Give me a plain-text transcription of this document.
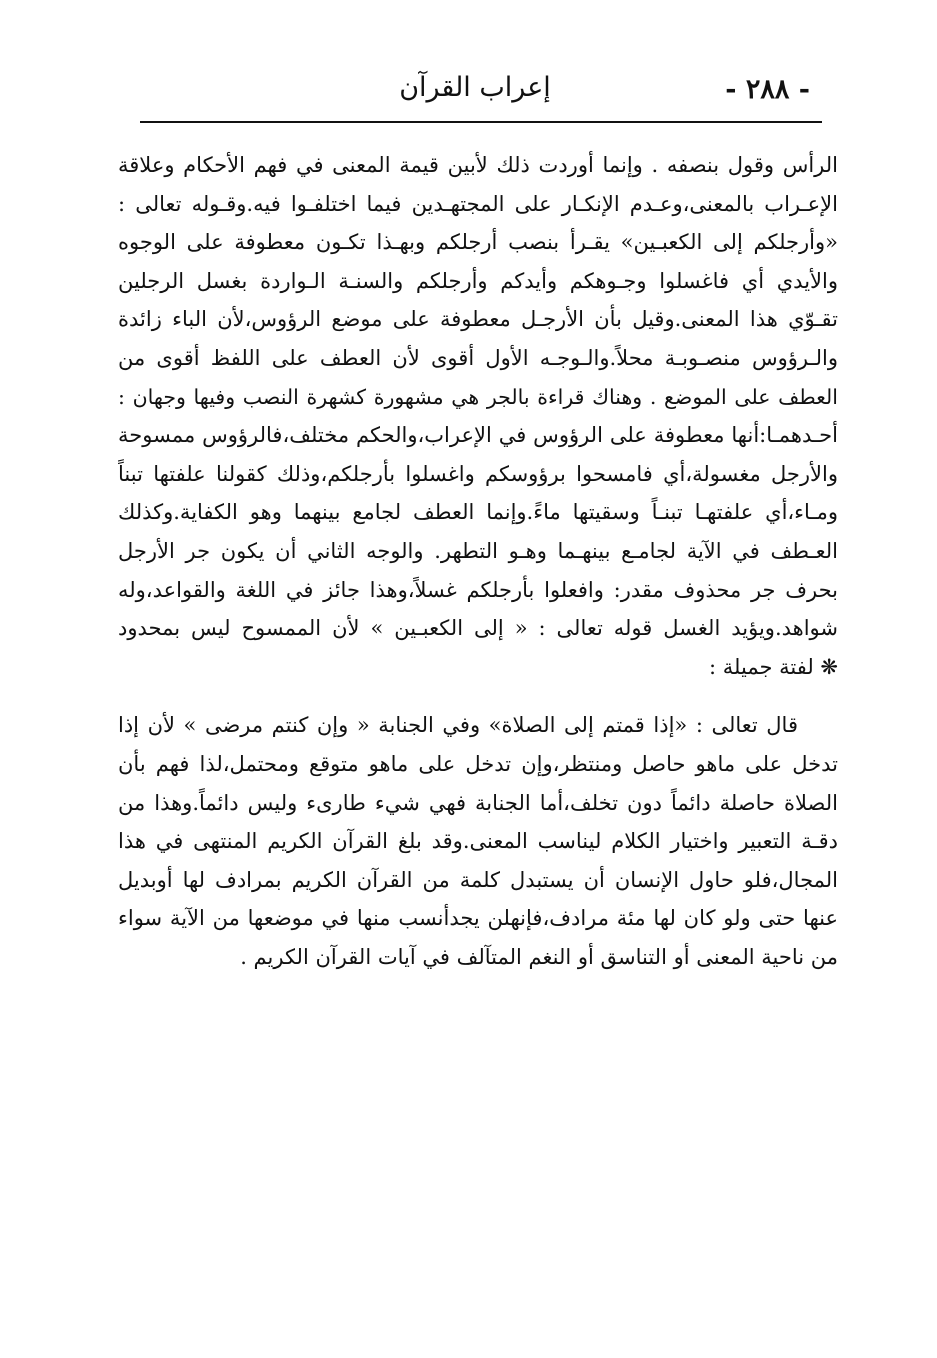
- ٢٨٨ -
إعراب القرآن
الرأس وقول بنصفه . وإنما أوردت ذلك لأبين قيمة المعنى في فهم الأحكام وعلاقة
الإعـراب بالمعنى،وعـدم الإنكـار على المجتهـدين فيما اختلفـوا فيه.وقـوله تعالى :
«وأرجلكم إلى الكعبـين» يقـرأ بنصب أرجلكم وبهـذا تكـون معطوفة على الوجوه
والأيدي أي فاغسلوا وجـوهكم وأيدكم وأرجلكم والسنـة الـواردة بغسل الرجلين
تقـوّي هذا المعنى.وقيل بأن الأرجـل معطوفة على موضع الرؤوس،لأن الباء زائدة
والـرؤوس منصـوبـة محلاً.والـوجـه الأول أقوى لأن العطف على اللفظ أقوى من
العطف على الموضع . وهناك قراءة بالجر هي مشهورة كشهرة النصب وفيها وجهان :
أحـدهمـا:أنها معطوفة على الرؤوس في الإعراب،والحكم مختلف،فالرؤوس ممسوحة
والأرجل مغسولة،أي فامسحوا برؤوسكم واغسلوا بأرجلكم،وذلك كقولنا علفتها تبناً
ومـاء،أي علفتهـا تبنـاً وسقيتها ماءً.وإنما العطف لجامع بينهما وهو الكفاية.وكذلك
العـطف في الآية لجامـع بينهـما وهـو التطهر. والوجه الثاني أن يكون جر الأرجل
بحرف جر محذوف مقدر: وافعلوا بأرجلكم غسلاً،وهذا جائز في اللغة والقواعد،وله
شواهد.ويؤيد الغسل قوله تعالى : « إلى الكعبـين » لأن الممسوح ليس بمحدود
❋ لفتة جميلة :
قال تعالى : «إذا قمتم إلى الصلاة» وفي الجنابة « وإن كنتم مرضى » لأن إذا
تدخل على ماهو حاصل ومنتظر،وإن تدخل على ماهو متوقع ومحتمل،لذا فهم بأن
الصلاة حاصلة دائماً دون تخلف،أما الجنابة فهي شيء طارىء وليس دائماً.وهذا من
دقـة التعبير واختيار الكلام ليناسب المعنى.وقد بلغ القرآن الكريم المنتهى في هذا
المجال،فلو حاول الإنسان أن يستبدل كلمة من القرآن الكريم بمرادف لها أوبديل
عنها حتى ولو كان لها مئة مرادف،فإنهلن يجدأنسب منها في موضعها من الآية سواء
من ناحية المعنى أو التناسق أو النغم المتآلف في آيات القرآن الكريم .
